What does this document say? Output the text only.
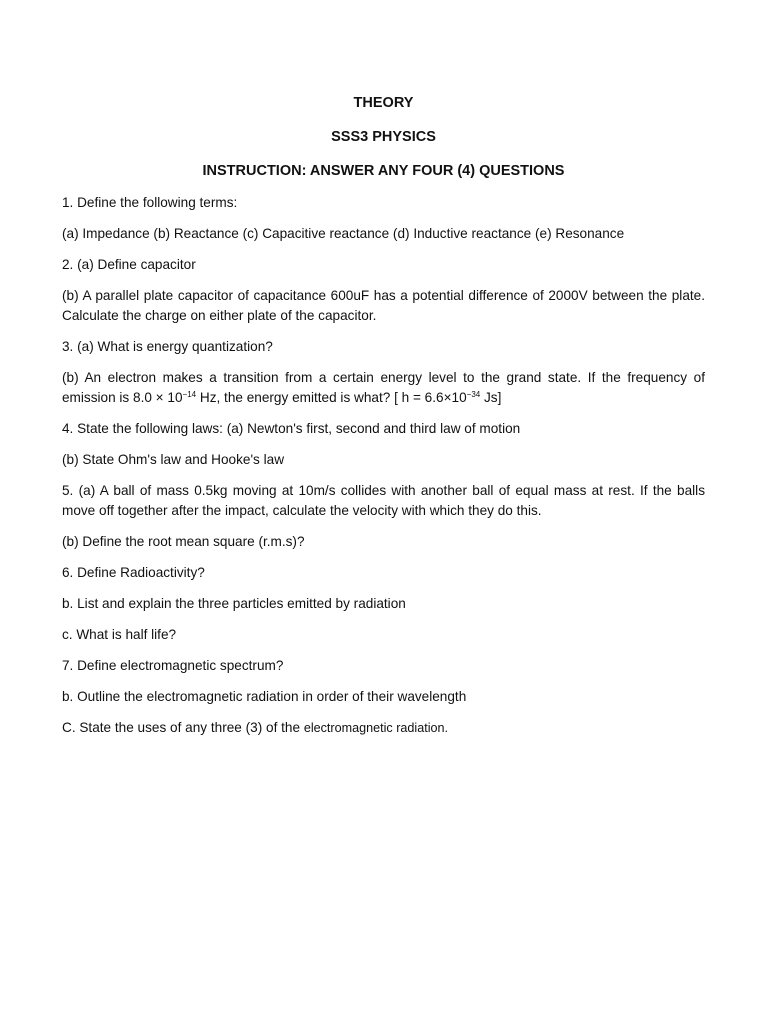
THEORY

SSS3 PHYSICS

INSTRUCTION: ANSWER ANY FOUR (4) QUESTIONS

1. Define the following terms:

(a) Impedance (b) Reactance (c) Capacitive reactance (d) Inductive reactance (e) Resonance

2. (a) Define capacitor

(b) A parallel plate capacitor of capacitance 600uF has a potential difference of 2000V between the plate. Calculate the charge on either plate of the capacitor.

3. (a) What is energy quantization?

(b) An electron makes a transition from a certain energy level to the grand state. If the frequency of emission is $8.0 \times 10^{-14}$ Hz, the energy emitted is what? [ $h = 6.6\times 10^{-34}$ Js]

4. State the following laws: (a) Newton's first, second and third law of motion

(b) State Ohm's law and Hooke's law

5. (a) A ball of mass 0.5kg moving at 10m/s collides with another ball of equal mass at rest. If the balls move off together after the impact, calculate the velocity with which they do this.

(b) Define the root mean square (r.m.s)?

6. Define Radioactivity?

b. List and explain the three particles emitted by radiation

c. What is half life?

7. Define electromagnetic spectrum?

b. Outline the electromagnetic radiation in order of their wavelength

C. State the uses of any three (3) of the electromagnetic radiation.
